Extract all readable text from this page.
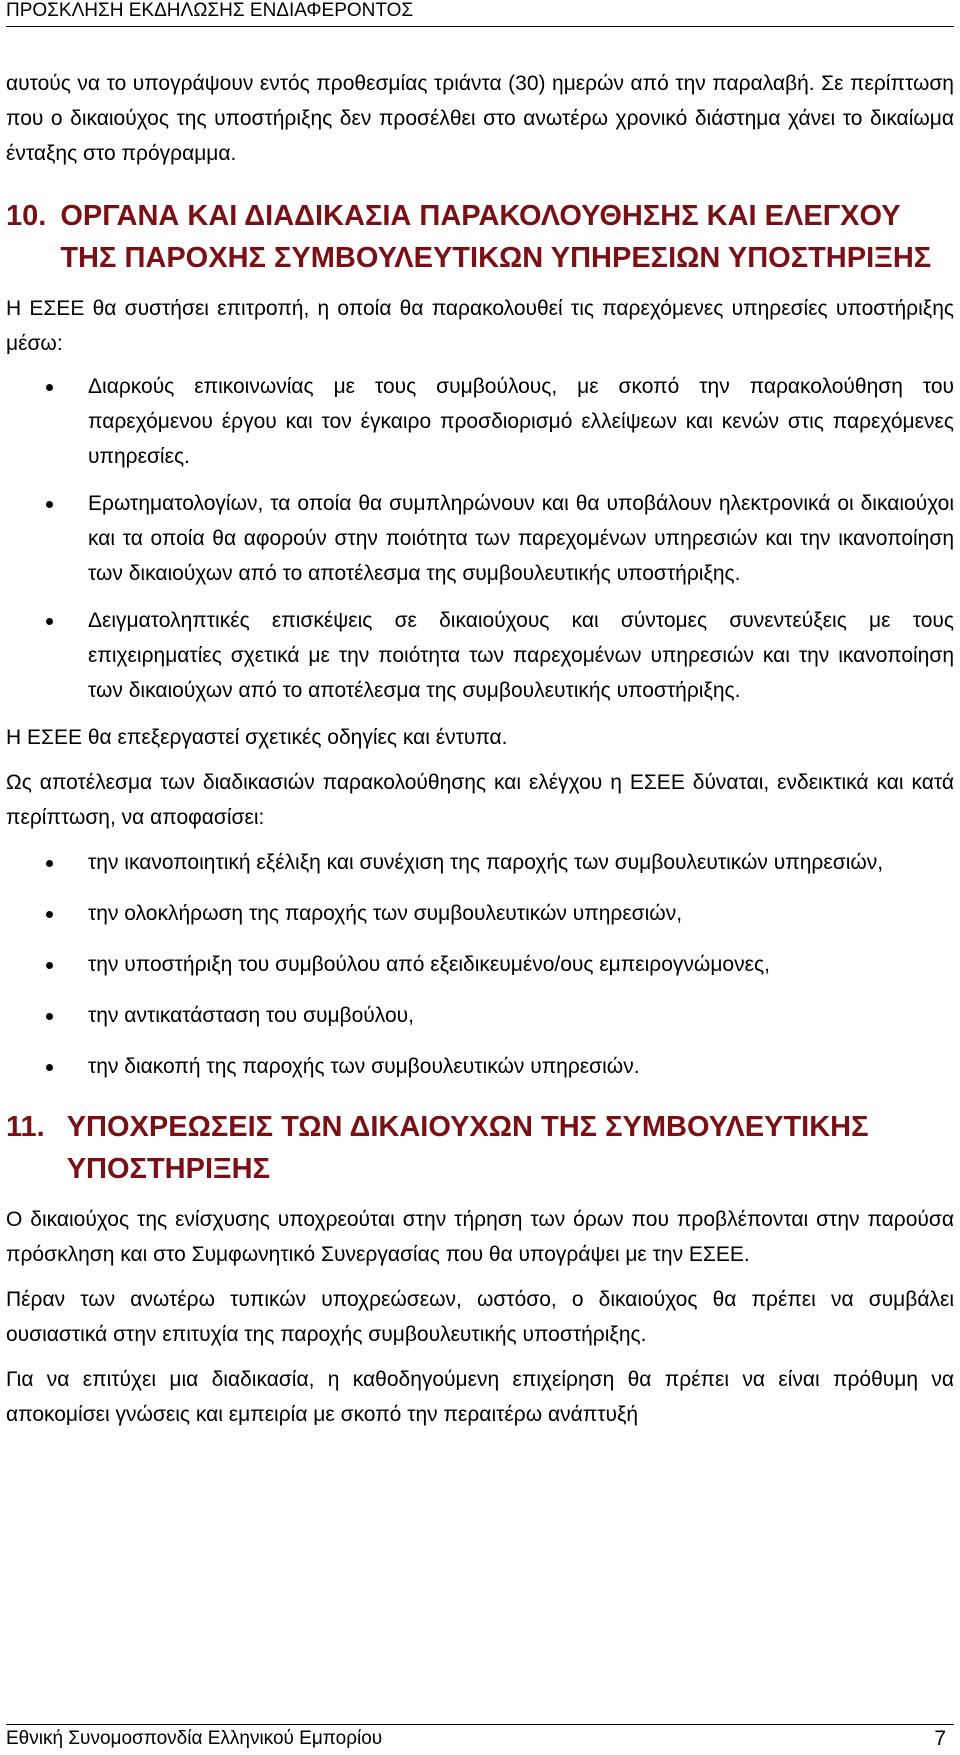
ΠΡΟΣΚΛΗΣΗ ΕΚΔΗΛΩΣΗΣ ΕΝΔΙΑΦΕΡΟΝΤΟΣ

αυτούς να το υπογράψουν εντός προθεσμίας τριάντα (30) ημερών από την παραλαβή. Σε περίπτωση που ο δικαιούχος της υποστήριξης δεν προσέλθει στο ανωτέρω χρονικό διάστημα χάνει το δικαίωμα ένταξης στο πρόγραμμα.

10. ΟΡΓΑΝΑ ΚΑΙ ΔΙΑΔΙΚΑΣΙΑ ΠΑΡΑΚΟΛΟΥΘΗΣΗΣ ΚΑΙ ΕΛΕΓΧΟΥ ΤΗΣ ΠΑΡΟΧΗΣ ΣΥΜΒΟΥΛΕΥΤΙΚΩΝ ΥΠΗΡΕΣΙΩΝ ΥΠΟΣΤΗΡΙΞΗΣ

Η ΕΣΕΕ θα συστήσει επιτροπή, η οποία θα παρακολουθεί τις παρεχόμενες υπηρεσίες υποστήριξης μέσω:

Διαρκούς επικοινωνίας με τους συμβούλους, με σκοπό την παρακολούθηση του παρεχόμενου έργου και τον έγκαιρο προσδιορισμό ελλείψεων και κενών στις παρεχόμενες υπηρεσίες.
Ερωτηματολογίων, τα οποία θα συμπληρώνουν και θα υποβάλουν ηλεκτρονικά οι δικαιούχοι και τα οποία θα αφορούν στην ποιότητα των παρεχομένων υπηρεσιών και την ικανοποίηση των δικαιούχων από το αποτέλεσμα της συμβουλευτικής υποστήριξης.
Δειγματοληπτικές επισκέψεις σε δικαιούχους και σύντομες συνεντεύξεις με τους επιχειρηματίες σχετικά με την ποιότητα των παρεχομένων υπηρεσιών και την ικανοποίηση των δικαιούχων από το αποτέλεσμα της συμβουλευτικής υποστήριξης.

Η ΕΣΕΕ θα επεξεργαστεί σχετικές οδηγίες και έντυπα.

Ως αποτέλεσμα των διαδικασιών παρακολούθησης και ελέγχου η ΕΣΕΕ δύναται, ενδεικτικά και κατά περίπτωση, να αποφασίσει:

την ικανοποιητική εξέλιξη και συνέχιση της παροχής των συμβουλευτικών υπηρεσιών,
την ολοκλήρωση της παροχής των συμβουλευτικών υπηρεσιών,
την υποστήριξη του συμβούλου από εξειδικευμένο/ους εμπειρογνώμονες,
την αντικατάσταση του συμβούλου,
την διακοπή της παροχής των συμβουλευτικών υπηρεσιών.
11. ΥΠΟΧΡΕΩΣΕΙΣ ΤΩΝ ΔΙΚΑΙΟΥΧΩΝ ΤΗΣ ΣΥΜΒΟΥΛΕΥΤΙΚΗΣ ΥΠΟΣΤΗΡΙΞΗΣ

Ο δικαιούχος της ενίσχυσης υποχρεούται στην τήρηση των όρων που προβλέπονται στην παρούσα πρόσκληση και στο Συμφωνητικό Συνεργασίας που θα υπογράψει με την ΕΣΕΕ.

Πέραν των ανωτέρω τυπικών υποχρεώσεων, ωστόσο, ο δικαιούχος θα πρέπει να συμβάλει ουσιαστικά στην επιτυχία της παροχής συμβουλευτικής υποστήριξης.

Για να επιτύχει μια διαδικασία, η καθοδηγούμενη επιχείρηση θα πρέπει να είναι πρόθυμη να αποκομίσει γνώσεις και εμπειρία με σκοπό την περαιτέρω ανάπτυξή

Εθνική Συνομοσπονδία Ελληνικού Εμπορίου	7
